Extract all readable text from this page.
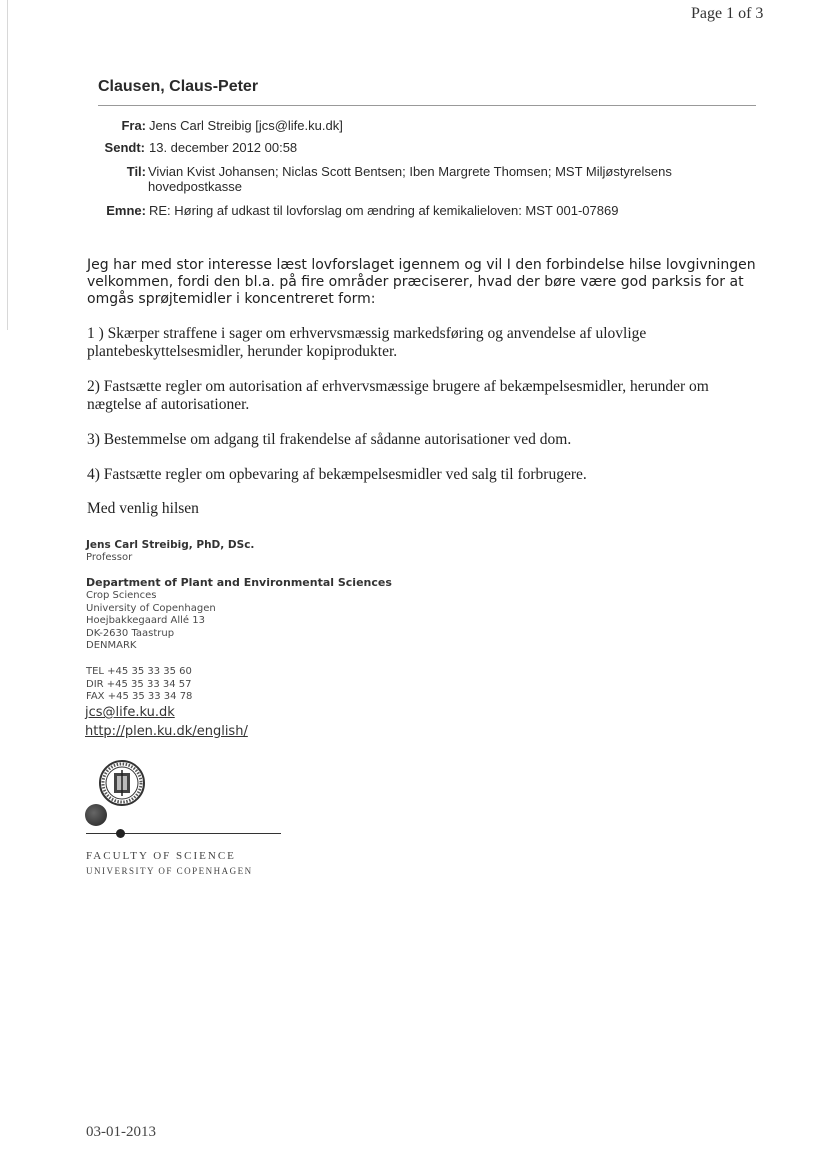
Page 1 of 3
Clausen, Claus-Peter
Fra: Jens Carl Streibig [jcs@life.ku.dk]
Sendt: 13. december 2012 00:58
Til: Vivian Kvist Johansen; Niclas Scott Bentsen; Iben Margrete Thomsen; MST Miljøstyrelsens hovedpostkasse
Emne: RE: Høring af udkast til lovforslag om ændring af kemikalieloven: MST 001-07869
Jeg har med stor interesse læst lovforslaget igennem og vil I den forbindelse hilse lovgivningen velkommen, fordi den bl.a. på fire områder præciserer, hvad der børe være god parksis for at omgås sprøjtemidler i koncentreret form:
1 ) Skærper straffene i sager om erhvervsmæssig markedsføring og anvendelse af ulovlige plantebeskyttelsesmidler, herunder kopiprodukter.
2) Fastsætte regler om autorisation af erhvervsmæssige brugere af bekæmpelsesmidler, herunder om nægtelse af autorisationer.
3) Bestemmelse om adgang til frakendelse af sådanne autorisationer ved dom.
4) Fastsætte regler om opbevaring af bekæmpelsesmidler ved salg til forbrugere.
Med venlig hilsen
Jens Carl Streibig, PhD, DSc.
Professor
Department of Plant and Environmental Sciences
Crop Sciences
University of Copenhagen
Hoejbakkegaard Allé 13
DK-2630 Taastrup
DENMARK
TEL +45 35 33 35 60
DIR +45 35 33 34 57
FAX +45 35 33 34 78
jcs@life.ku.dk
http://plen.ku.dk/english/
FACULTY OF SCIENCE
UNIVERSITY OF COPENHAGEN
03-01-2013
